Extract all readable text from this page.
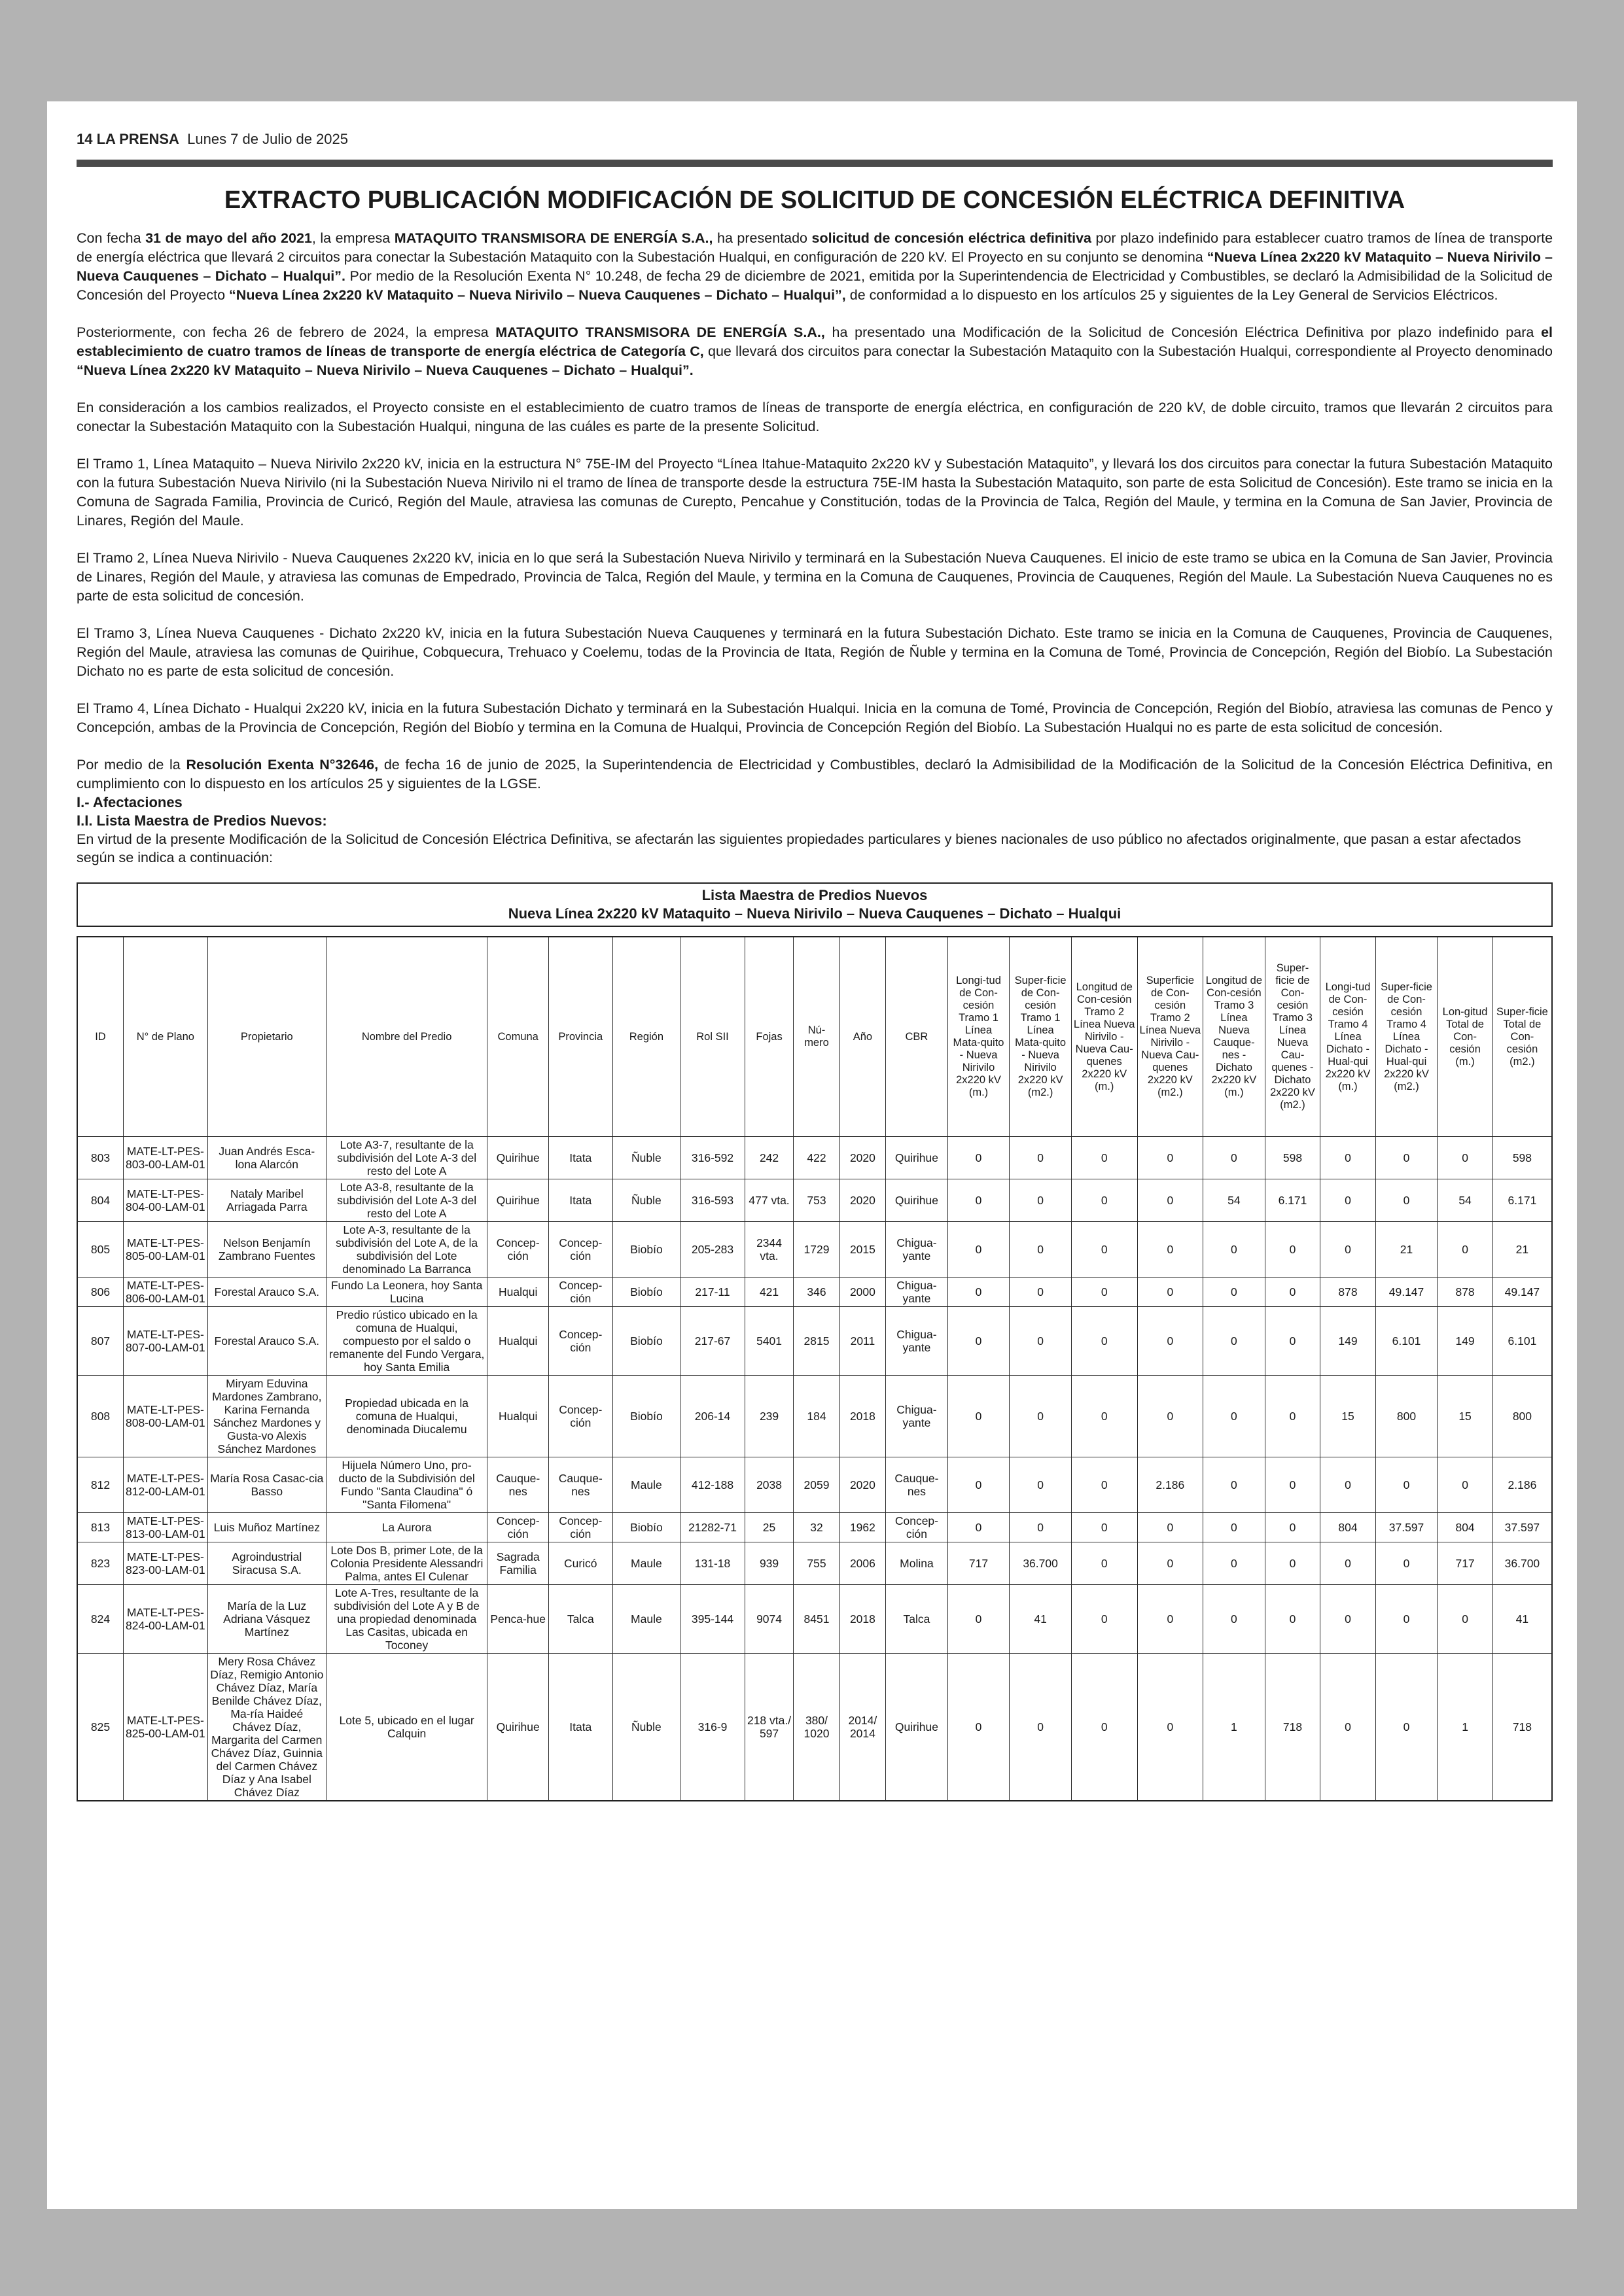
14 LA PRENSA Lunes 7 de Julio de 2025
EXTRACTO PUBLICACIÓN MODIFICACIÓN DE SOLICITUD DE CONCESIÓN ELÉCTRICA DEFINITIVA

Con fecha 31 de mayo del año 2021, la empresa MATAQUITO TRANSMISORA DE ENERGÍA S.A., ha presentado solicitud de concesión eléctrica definitiva por plazo indefinido para establecer cuatro tramos de línea de transporte de energía eléctrica que llevará 2 circuitos para conectar la Subestación Mataquito con la Subestación Hualqui, en configuración de 220 kV. El Proyecto en su conjunto se denomina “Nueva Línea 2x220 kV Mataquito – Nueva Nirivilo – Nueva Cauquenes – Dichato – Hualqui”. Por medio de la Resolución Exenta N° 10.248, de fecha 29 de diciembre de 2021, emitida por la Superintendencia de Electricidad y Combustibles, se declaró la Admisibilidad de la Solicitud de Concesión del Proyecto “Nueva Línea 2x220 kV Mataquito – Nueva Nirivilo – Nueva Cauquenes – Dichato – Hualqui”, de conformidad a lo dispuesto en los artículos 25 y siguientes de la Ley General de Servicios Eléctricos.

Posteriormente, con fecha 26 de febrero de 2024, la empresa MATAQUITO TRANSMISORA DE ENERGÍA S.A., ha presentado una Modificación de la Solicitud de Concesión Eléctrica Definitiva por plazo indefinido para el establecimiento de cuatro tramos de líneas de transporte de energía eléctrica de Categoría C, que llevará dos circuitos para conectar la Subestación Mataquito con la Subestación Hualqui, correspondiente al Proyecto denominado “Nueva Línea 2x220 kV Mataquito – Nueva Nirivilo – Nueva Cauquenes – Dichato – Hualqui”.

En consideración a los cambios realizados, el Proyecto consiste en el establecimiento de cuatro tramos de líneas de transporte de energía eléctrica, en configuración de 220 kV, de doble circuito, tramos que llevarán 2 circuitos para conectar la Subestación Mataquito con la Subestación Hualqui, ninguna de las cuáles es parte de la presente Solicitud.

El Tramo 1, Línea Mataquito – Nueva Nirivilo 2x220 kV, inicia en la estructura N° 75E-IM del Proyecto “Línea Itahue-Mataquito 2x220 kV y Subestación Mataquito”, y llevará los dos circuitos para conectar la futura Subestación Mataquito con la futura Subestación Nueva Nirivilo (ni la Subestación Nueva Nirivilo ni el tramo de línea de transporte desde la estructura 75E-IM hasta la Subestación Mataquito, son parte de esta Solicitud de Concesión). Este tramo se inicia en la Comuna de Sagrada Familia, Provincia de Curicó, Región del Maule, atraviesa las comunas de Curepto, Pencahue y Constitución, todas de la Provincia de Talca, Región del Maule, y termina en la Comuna de San Javier, Provincia de Linares, Región del Maule.

El Tramo 2, Línea Nueva Nirivilo - Nueva Cauquenes 2x220 kV, inicia en lo que será la Subestación Nueva Nirivilo y terminará en la Subestación Nueva Cauquenes. El inicio de este tramo se ubica en la Comuna de San Javier, Provincia de Linares, Región del Maule, y atraviesa las comunas de Empedrado, Provincia de Talca, Región del Maule, y termina en la Comuna de Cauquenes, Provincia de Cauquenes, Región del Maule. La Subestación Nueva Cauquenes no es parte de esta solicitud de concesión.

El Tramo 3, Línea Nueva Cauquenes - Dichato 2x220 kV, inicia en la futura Subestación Nueva Cauquenes y terminará en la futura Subestación Dichato. Este tramo se inicia en la Comuna de Cauquenes, Provincia de Cauquenes, Región del Maule, atraviesa las comunas de Quirihue, Cobquecura, Trehuaco y Coelemu, todas de la Provincia de Itata, Región de Ñuble y termina en la Comuna de Tomé, Provincia de Concepción, Región del Biobío. La Subestación Dichato no es parte de esta solicitud de concesión.

El Tramo 4, Línea Dichato - Hualqui 2x220 kV, inicia en la futura Subestación Dichato y terminará en la Subestación Hualqui. Inicia en la comuna de Tomé, Provincia de Concepción, Región del Biobío, atraviesa las comunas de Penco y Concepción, ambas de la Provincia de Concepción, Región del Biobío y termina en la Comuna de Hualqui, Provincia de Concepción Región del Biobío. La Subestación Hualqui no es parte de esta solicitud de concesión.

Por medio de la Resolución Exenta N°32646, de fecha 16 de junio de 2025, la Superintendencia de Electricidad y Combustibles, declaró la Admisibilidad de la Modificación de la Solicitud de la Concesión Eléctrica Definitiva, en cumplimiento con lo dispuesto en los artículos 25 y siguientes de la LGSE.

I.- Afectaciones
I.I. Lista Maestra de Predios Nuevos:

En virtud de la presente Modificación de la Solicitud de Concesión Eléctrica Definitiva, se afectarán las siguientes propiedades particulares y bienes nacionales de uso público no afectados originalmente, que pasan a estar afectados según se indica a continuación:

Lista Maestra de Predios Nuevos
Nueva Línea 2x220 kV Mataquito – Nueva Nirivilo – Nueva Cauquenes – Dichato – Hualqui
ID	N° de Plano	Propietario	Nombre del Predio	Comuna	Provincia	Región	Rol SII	Fojas	Nú-mero	Año	CBR	Longi-tud de Con-cesión Tramo 1 Línea Mata-quito - Nueva Nirivilo 2x220 kV (m.)	Super-ficie de Con-cesión Tramo 1 Línea Mata-quito - Nueva Nirivilo 2x220 kV (m2.)	Longitud de Con-cesión Tramo 2 Línea Nueva Nirivilo - Nueva Cau-quenes 2x220 kV (m.)	Superficie de Con-cesión Tramo 2 Línea Nueva Nirivilo - Nueva Cau-quenes 2x220 kV (m2.)	Longitud de Con-cesión Tramo 3 Línea Nueva Cauque-nes - Dichato 2x220 kV (m.)	Super-ficie de Con-cesión Tramo 3 Línea Nueva Cau-quenes - Dichato 2x220 kV (m2.)	Longi-tud de Con-cesión Tramo 4 Línea Dichato - Hual-qui 2x220 kV (m.)	Super-ficie de Con-cesión Tramo 4 Línea Dichato - Hual-qui 2x220 kV (m2.)	Lon-gitud Total de Con-cesión (m.)	Super-ficie Total de Con-cesión (m2.)
803	MATE-LT-PES-803-00-LAM-01	Juan Andrés Esca-lona Alarcón	Lote A3-7, resultante de la subdivisión del Lote A-3 del resto del Lote A	Quirihue	Itata	Ñuble	316-592	242	422	2020	Quirihue	0	0	0	0	0	598	0	0	0	598
804	MATE-LT-PES-804-00-LAM-01	Nataly Maribel Arriagada Parra	Lote A3-8, resultante de la subdivisión del Lote A-3 del resto del Lote A	Quirihue	Itata	Ñuble	316-593	477 vta.	753	2020	Quirihue	0	0	0	0	54	6.171	0	0	54	6.171
805	MATE-LT-PES-805-00-LAM-01	Nelson Benjamín Zambrano Fuentes	Lote A-3, resultante de la subdivisión del Lote A, de la subdivisión del Lote denominado La Barranca	Concep-ción	Concep-ción	Biobío	205-283	2344 vta.	1729	2015	Chigua-yante	0	0	0	0	0	0	0	21	0	21
806	MATE-LT-PES-806-00-LAM-01	Forestal Arauco S.A.	Fundo La Leonera, hoy Santa Lucina	Hualqui	Concep-ción	Biobío	217-11	421	346	2000	Chigua-yante	0	0	0	0	0	0	878	49.147	878	49.147
807	MATE-LT-PES-807-00-LAM-01	Forestal Arauco S.A.	Predio rústico ubicado en la comuna de Hualqui, compuesto por el saldo o remanente del Fundo Vergara, hoy Santa Emilia	Hualqui	Concep-ción	Biobío	217-67	5401	2815	2011	Chigua-yante	0	0	0	0	0	0	149	6.101	149	6.101
808	MATE-LT-PES-808-00-LAM-01	Miryam Eduvina Mardones Zambrano, Karina Fernanda Sánchez Mardones y Gusta-vo Alexis Sánchez Mardones	Propiedad ubicada en la comuna de Hualqui, denominada Diucalemu	Hualqui	Concep-ción	Biobío	206-14	239	184	2018	Chigua-yante	0	0	0	0	0	0	15	800	15	800
812	MATE-LT-PES-812-00-LAM-01	María Rosa Casac-cia Basso	Hijuela Número Uno, pro-ducto de la Subdivisión del Fundo "Santa Claudina" ó "Santa Filomena"	Cauque-nes	Cauque-nes	Maule	412-188	2038	2059	2020	Cauque-nes	0	0	0	2.186	0	0	0	0	0	2.186
813	MATE-LT-PES-813-00-LAM-01	Luis Muñoz Martínez	La Aurora	Concep-ción	Concep-ción	Biobío	21282-71	25	32	1962	Concep-ción	0	0	0	0	0	0	804	37.597	804	37.597
823	MATE-LT-PES-823-00-LAM-01	Agroindustrial Siracusa S.A.	Lote Dos B, primer Lote, de la Colonia Presidente Alessandri Palma, antes El Culenar	Sagrada Familia	Curicó	Maule	131-18	939	755	2006	Molina	717	36.700	0	0	0	0	0	0	717	36.700
824	MATE-LT-PES-824-00-LAM-01	María de la Luz Adriana Vásquez Martínez	Lote A-Tres, resultante de la subdivisión del Lote A y B de una propiedad denominada Las Casitas, ubicada en Toconey	Penca-hue	Talca	Maule	395-144	9074	8451	2018	Talca	0	41	0	0	0	0	0	0	0	41
825	MATE-LT-PES-825-00-LAM-01	Mery Rosa Chávez Díaz, Remigio Antonio Chávez Díaz, María Benilde Chávez Díaz, Ma-ría Haideé Chávez Díaz, Margarita del Carmen Chávez Díaz, Guinnia del Carmen Chávez Díaz y Ana Isabel Chávez Díaz	Lote 5, ubicado en el lugar Calquin	Quirihue	Itata	Ñuble	316-9	218 vta./ 597	380/ 1020	2014/ 2014	Quirihue	0	0	0	0	1	718	0	0	1	718
